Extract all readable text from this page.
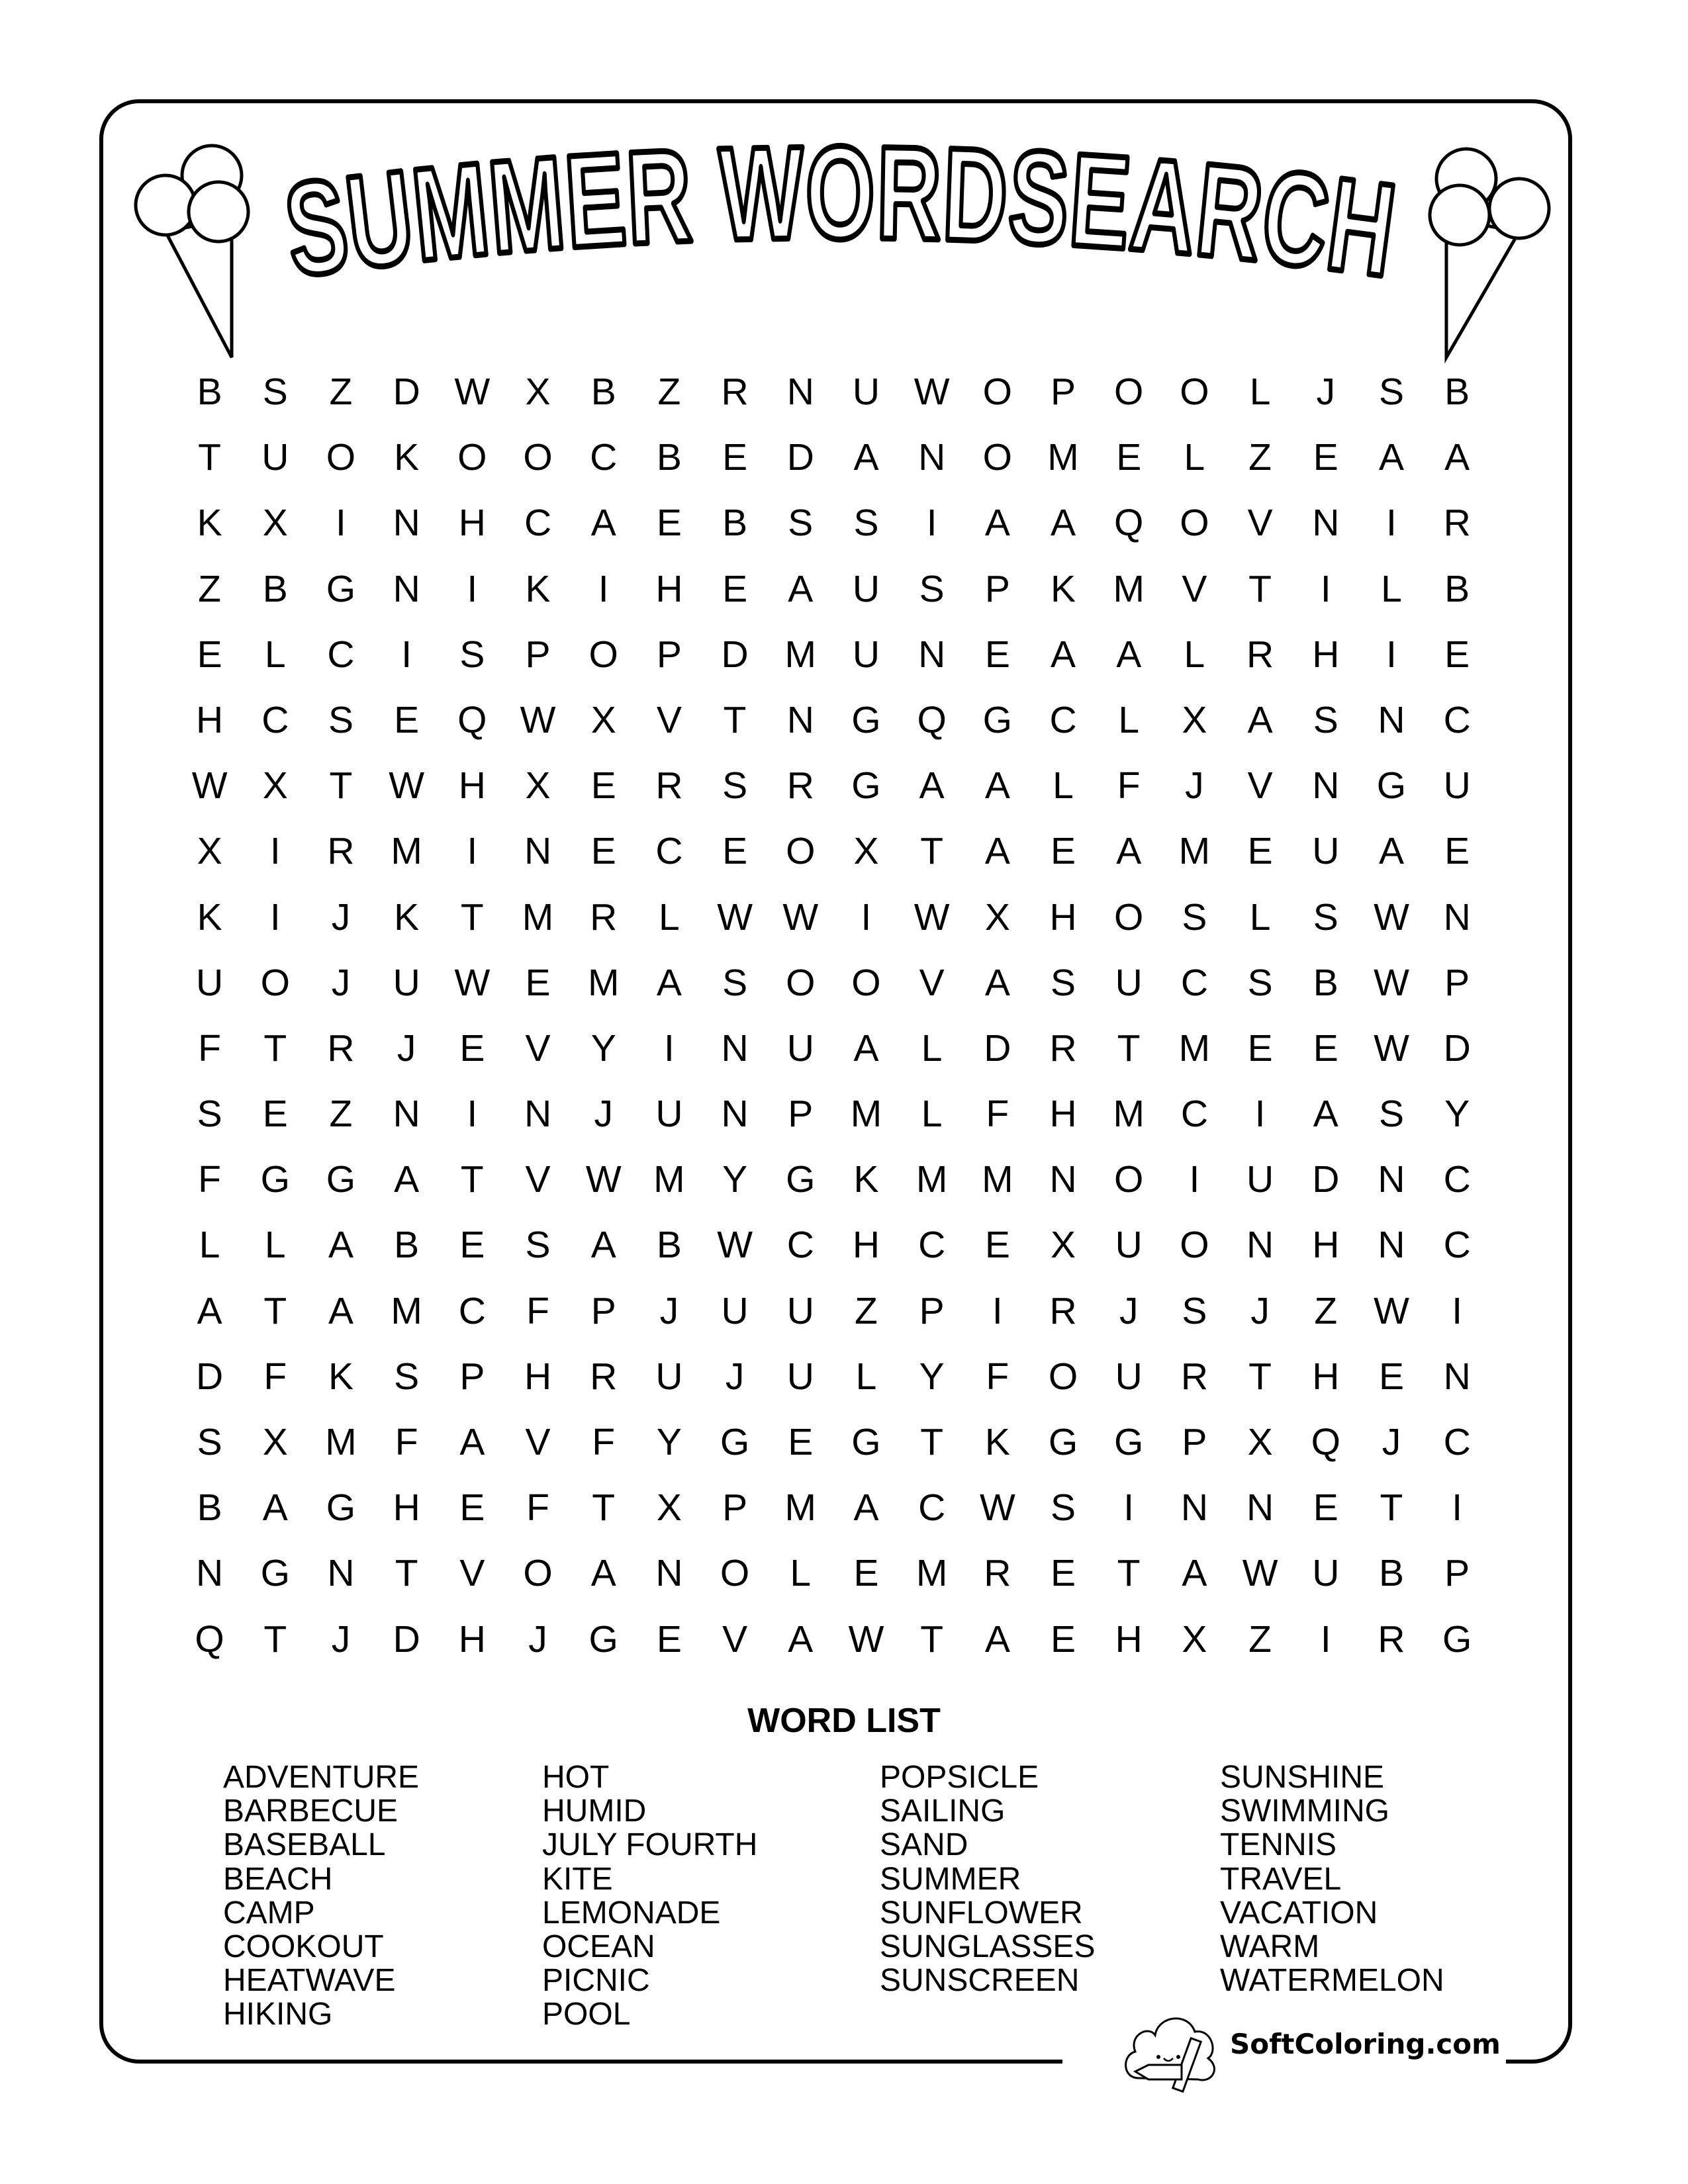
SUMMER WORDSEARCH
B	S	Z	D W X	B	Z	R	N	U W O	P	O O	L	J	S	B
T	U O	K	O O C	B	E	D	A	N O M E	L	Z	E	A	A
K	X	I	N	H	C	A	E	B	S	S	I	A	A	Q O	V	N	I	R
Z	B	G N	I	K	I	H	E	A	U	S	P	K M V	T	I	L	B
E	L	C	I	S	P	O	P	D M U	N	E	A	A	L	R	H	I	E
H	C	S	E	Q W X	V	T	N G Q G C	L	X	A	S	N	C
W X	T W H	X	E	R	S	R G	A	A	L	F	J	V	N G U
X	I	R M	I	N	E	C	E	O	X	T	A	E	A M E	U	A	E
K	I	J	K	T	M R	L W W	I	W X	H O	S	L	S W N
U O	J	U W E M A	S	O O	V	A	S	U	C	S	B W P
F	T	R	J	E	V	Y	I	N	U	A	L	D	R	T	M E	E W D
S	E	Z	N	I	N	J	U	N	P M	L	F	H M C	I	A	S	Y
F	G G	A	T	V W M Y	G	K M M N O	I	U	D	N	C
L	L	A	B	E	S	A	B W C	H	C	E	X	U O N	H	N	C
A	T	A M C	F	P	J	U	U	Z	P	I	R	J	S	J	Z W	I
D	F	K	S	P	H	R	U	J	U	L	Y	F	O U	R	T	H	E	N
S	X M	F	A	V	F	Y	G	E	G	T	K	G G	P	X	Q	J	C
B	A	G H	E	F	T	X	P M A	C W S	I	N	N	E	T	I
N G N	T	V	O	A	N O	L	E M R	E	T	A W U	B	P
Q	T	J	D	H	J	G	E	V	A W T	A	E	H	X	Z	I	R G
WORD LIST
ADVENTURE
BARBECUE
BASEBALL
BEACH
CAMP
COOKOUT
HEATWAVE
HIKING
HOT
HUMID
JULY FOURTH
KITE
LEMONADE
OCEAN
PICNIC
POOL
POPSICLE
SAILING
SAND
SUMMER
SUNFLOWER
SUNGLASSES
SUNSCREEN
SUNSHINE
SWIMMING
TENNIS
TRAVEL
VACATION
WARM
WATERMELON
SoftColoring.com
